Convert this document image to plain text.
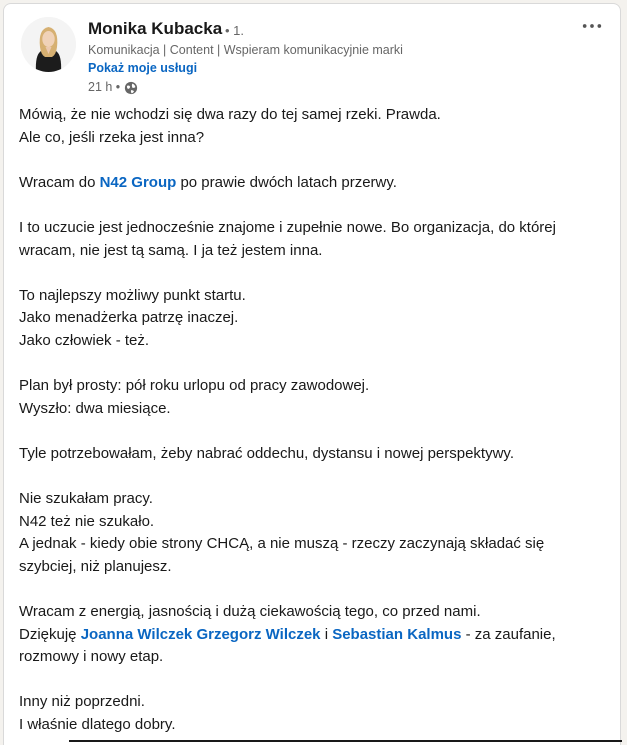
Monika Kubacka • 1.
Komunikacja | Content | Wspieram komunikacyjnie marki
Pokaż moje usługi
21 h •

Mówią, że nie wchodzi się dwa razy do tej samej rzeki. Prawda.

Ale co, jeśli rzeka jest inna?

Wracam do N42 Group po prawie dwóch latach przerwy.

I to uczucie jest jednocześnie znajome i zupełnie nowe. Bo organizacja, do której

wracam, nie jest tą samą. I ja też jestem inna.

To najlepszy możliwy punkt startu.

Jako menadżerka patrzę inaczej.

Jako człowiek - też.

Plan był prosty: pół roku urlopu od pracy zawodowej.

Wyszło: dwa miesiące.

Tyle potrzebowałam, żeby nabrać oddechu, dystansu i nowej perspektywy.

Nie szukałam pracy.

N42 też nie szukało.

A jednak - kiedy obie strony CHCĄ, a nie muszą - rzeczy zaczynają składać się

szybciej, niż planujesz.

Wracam z energią, jasnością i dużą ciekawością tego, co przed nami.

Dziękuję Joanna Wilczek Grzegorz Wilczek i Sebastian Kalmus - za zaufanie,

rozmowy i nowy etap.

Inny niż poprzedni.

I właśnie dlatego dobry.
